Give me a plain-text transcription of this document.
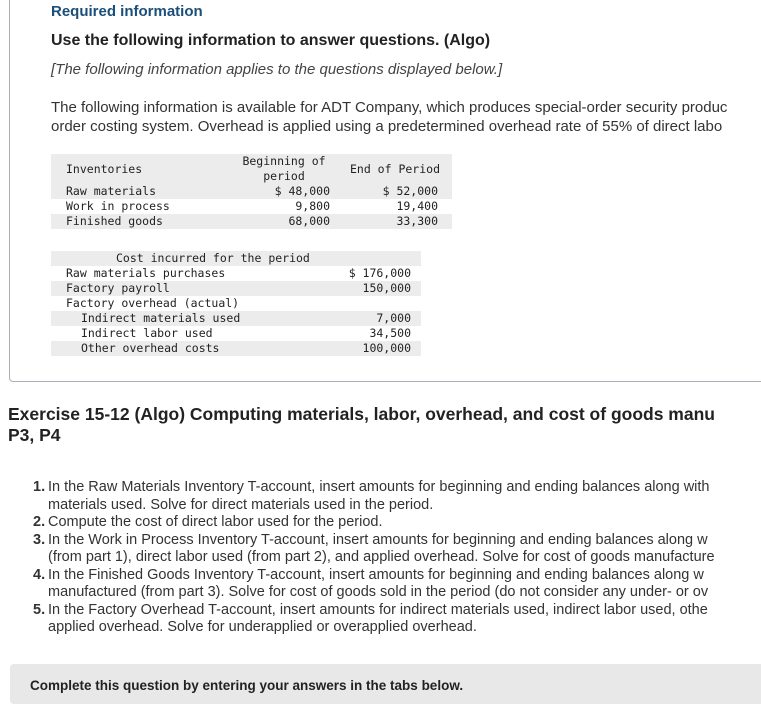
Required information
Use the following information to answer questions. (Algo)
[The following information applies to the questions displayed below.]
The following information is available for ADT Company, which produces special-order security produc
order costing system. Overhead is applied using a predetermined overhead rate of 55% of direct labo
Inventories	Beginning of	End of Period
	period	
Raw materials	$ 48,000	$ 52,000
Work in process	9,800	19,400
Finished goods	68,000	33,300
Cost incurred for the period	
Raw materials purchases	$ 176,000
Factory payroll	150,000
Factory overhead (actual)	
Indirect materials used	7,000
Indirect labor used	34,500
Other overhead costs	100,000
Exercise 15-12 (Algo) Computing materials, labor, overhead, and cost of goods manu
P3, P4
1. In the Raw Materials Inventory T-account, insert amounts for beginning and ending balances along with
materials used. Solve for direct materials used in the period.
2. Compute the cost of direct labor used for the period.
3. In the Work in Process Inventory T-account, insert amounts for beginning and ending balances along w
(from part 1), direct labor used (from part 2), and applied overhead. Solve for cost of goods manufacture
4. In the Finished Goods Inventory T-account, insert amounts for beginning and ending balances along w
manufactured (from part 3). Solve for cost of goods sold in the period (do not consider any under- or ov
5. In the Factory Overhead T-account, insert amounts for indirect materials used, indirect labor used, othe
applied overhead. Solve for underapplied or overapplied overhead.
Complete this question by entering your answers in the tabs below.
